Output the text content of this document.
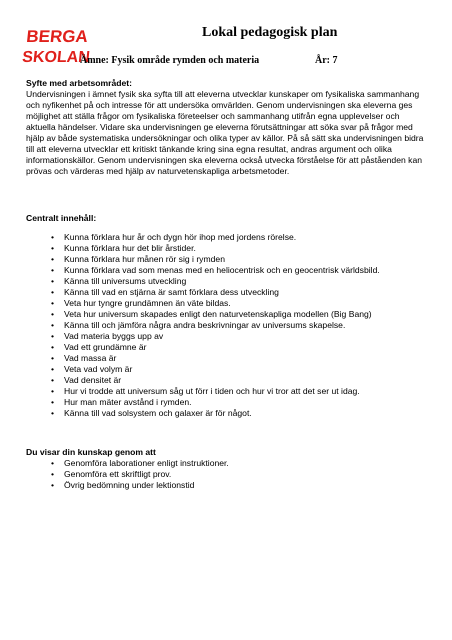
BERGA
SKOLAN
Lokal pedagogisk plan
Ämne: Fysik område rymden och materia	År: 7
Syfte med arbetsområdet:

Undervisningen i ämnet fysik ska syfta till att eleverna utvecklar kunskaper om fysikaliska sammanhang och nyfikenhet på och intresse för att undersöka omvärlden. Genom undervisningen ska eleverna ges möjlighet att ställa frågor om fysikaliska företeelser och sammanhang utifrån egna upplevelser och aktuella händelser. Vidare ska undervisningen ge eleverna förutsättningar att söka svar på frågor med hjälp av både systematiska undersökningar och olika typer av källor. På så sätt ska undervisningen bidra till att eleverna utvecklar ett kritiskt tänkande kring sina egna resultat, andras argument och olika informationskällor. Genom undervisningen ska eleverna också utvecka förståelse för att påståenden kan prövas och värderas med hjälp av naturvetenskapliga arbetsmetoder.

Centralt innehåll:
• Kunna förklara hur år och dygn hör ihop med jordens rörelse.
• Kunna förklara hur det blir årstider.
• Kunna förklara hur månen rör sig i rymden
• Kunna förklara vad som menas med en heliocentrisk och en geocentrisk världsbild.
• Känna till universums utveckling
• Känna till vad en stjärna är samt förklara dess utveckling
• Veta hur tyngre grundämnen än väte bildas.
• Veta hur universum skapades enligt den naturvetenskapliga modellen (Big Bang)
• Känna till och jämföra några andra beskrivningar av universums skapelse.
• Vad materia byggs upp av
• Vad ett grundämne är
• Vad massa är
• Veta vad volym är
• Vad densitet är
• Hur vi trodde att universum såg ut förr i tiden och hur vi tror att det ser ut idag.
• Hur man mäter avstånd i rymden.
• Känna till vad solsystem och galaxer är för något.
Du visar din kunskap genom att
• Genomföra laborationer enligt instruktioner.
• Genomföra ett skriftligt prov.
• Övrig bedömning under lektionstid
